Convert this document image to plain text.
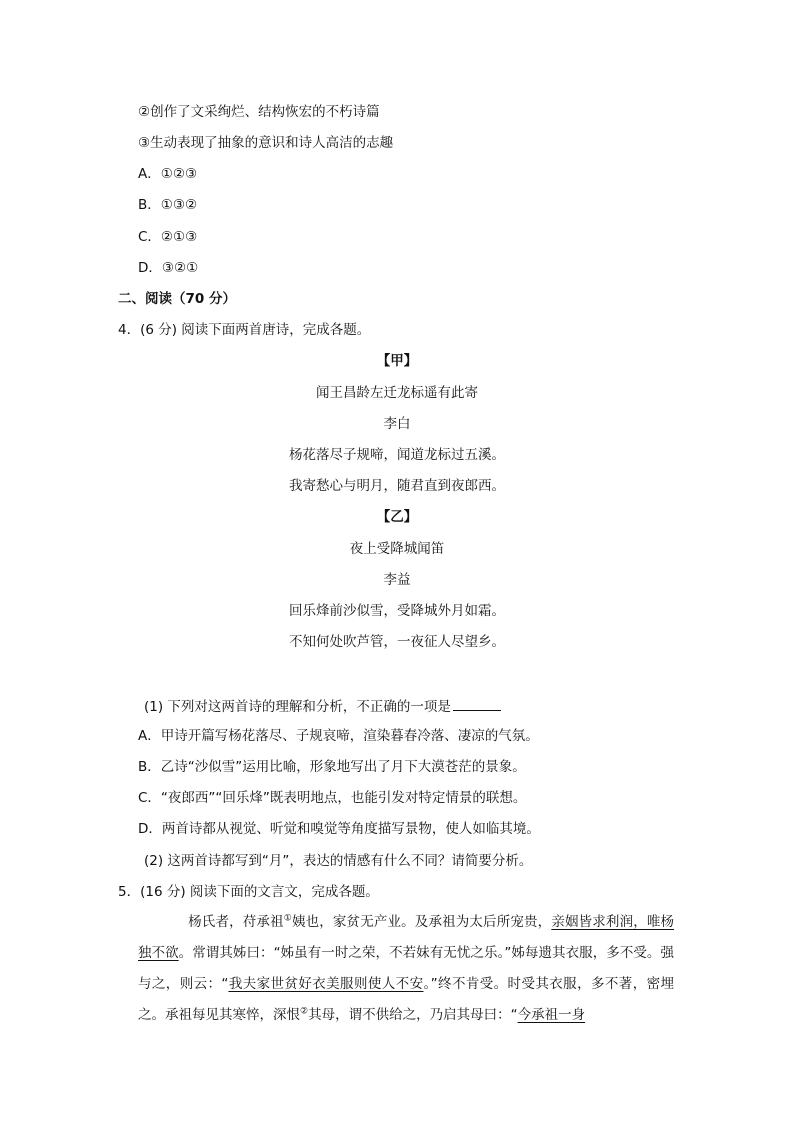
②创作了文采绚烂、结构恢宏的不朽诗篇
③生动表现了抽象的意识和诗人高洁的志趣
A．①②③
B．①③②
C．②①③
D．③②①
二、阅读（70 分）
4．(6 分) 阅读下面两首唐诗，完成各题。
【甲】
闻王昌龄左迁龙标遥有此寄
李白
杨花落尽子规啼，闻道龙标过五溪。
我寄愁心与明月，随君直到夜郎西。
【乙】
夜上受降城闻笛
李益
回乐烽前沙似雪，受降城外月如霜。
不知何处吹芦管，一夜征人尽望乡。
(1) 下列对这两首诗的理解和分析，不正确的一项是
A．甲诗开篇写杨花落尽、子规哀啼，渲染暮春冷落、凄凉的气氛。
B．乙诗“沙似雪”运用比喻，形象地写出了月下大漠苍茫的景象。
C．“夜郎西”“回乐烽”既表明地点，也能引发对特定情景的联想。
D．两首诗都从视觉、听觉和嗅觉等角度描写景物，使人如临其境。
(2) 这两首诗都写到“月”，表达的情感有什么不同？请简要分析。
5．(16 分) 阅读下面的文言文，完成各题。
杨氏者，苻承祖①姨也，家贫无产业。及承祖为太后所宠贵，亲姻皆求利润，唯杨独不欲。常谓其姊曰：“姊虽有一时之荣，不若妹有无忧之乐。”姊每遗其衣服，多不受。强与之，则云：“我夫家世贫好衣美服则使人不安。”终不肯受。时受其衣服，多不著，密埋之。承祖每见其寒悴，深恨②其母，谓不供给之，乃启其母曰：“今承祖一身
